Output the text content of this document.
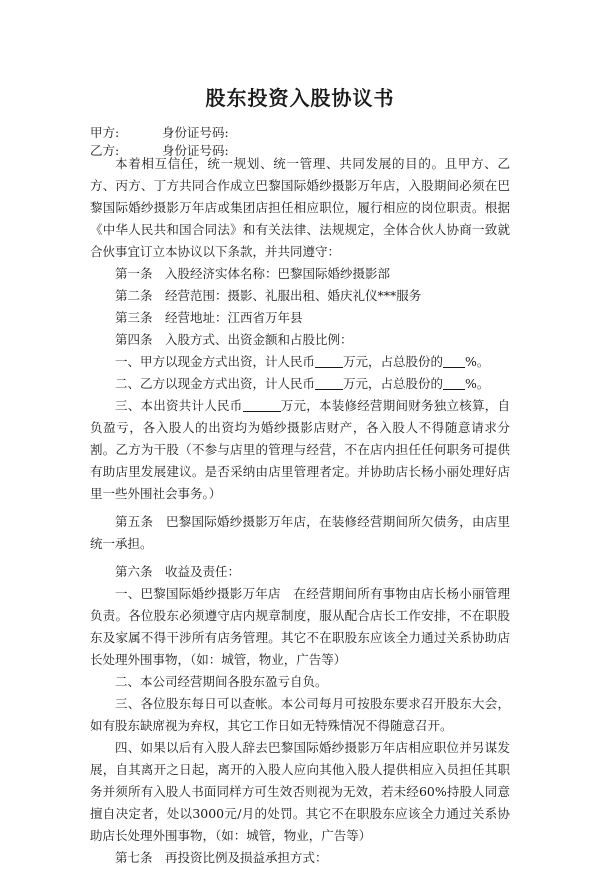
股东投资入股协议书
甲方:	身份证号码:
乙方:	身份证号码:

本着相互信任，统一规划、统一管理、共同发展的目的。且甲方、乙方、丙方、丁方共同合作成立巴黎国际婚纱摄影万年店，入股期间必须在巴黎国际婚纱摄影万年店或集团店担任相应职位，履行相应的岗位职责。根据《中华人民共和国合同法》和有关法律、法规规定，全体合伙人协商一致就合伙事宜订立本协议以下条款，并共同遵守：

第一条　入股经济实体名称：巴黎国际婚纱摄影部

第二条　经营范围：摄影、礼服出租、婚庆礼仪***服务

第三条　经营地址：江西省万年县

第四条　入股方式、出资金额和占股比例：

一、甲方以现金方式出资，计人民币 万元，占总股份的 %。

二、乙方以现金方式出资，计人民币 万元，占总股份的 %。

三、本出资共计人民币	万元，本装修经营期间财务独立核算，自负盈亏，各入股人的出资均为婚纱摄影店财产，各入股人不得随意请求分割。乙方为干股（不参与店里的管理与经营，不在店内担任任何职务可提供有助店里发展建议。是否采纳由店里管理者定。并协助店长杨小丽处理好店里一些外围社会事务。）

第五条　巴黎国际婚纱摄影万年店，在装修经营期间所欠债务，由店里统一承担。

第六条　收益及责任：

一、巴黎国际婚纱摄影万年店　在经营期间所有事物由店长杨小丽管理负责。各位股东必须遵守店内规章制度，服从配合店长工作安排，不在职股东及家属不得干涉所有店务管理。其它不在职股东应该全力通过关系协助店长处理外围事物，（如：城管，物业，广告等）

二、本公司经营期间各股东盈亏自负。

三、各位股东每日可以查帐。本公司每月可按股东要求召开股东大会，如有股东缺席视为弃权，其它工作日如无特殊情况不得随意召开。

四、如果以后有入股人辞去巴黎国际婚纱摄影万年店相应职位并另谋发展，自其离开之日起，离开的入股人应向其他入股人提供相应入员担任其职务并须所有入股人书面同样方可生效否则视为无效，若未经60%持股人同意擅自决定者，处以3000元/月的处罚。其它不在职股东应该全力通过关系协助店长处理外围事物，（如：城管，物业，广告等）

第七条　再投资比例及损益承担方式：
